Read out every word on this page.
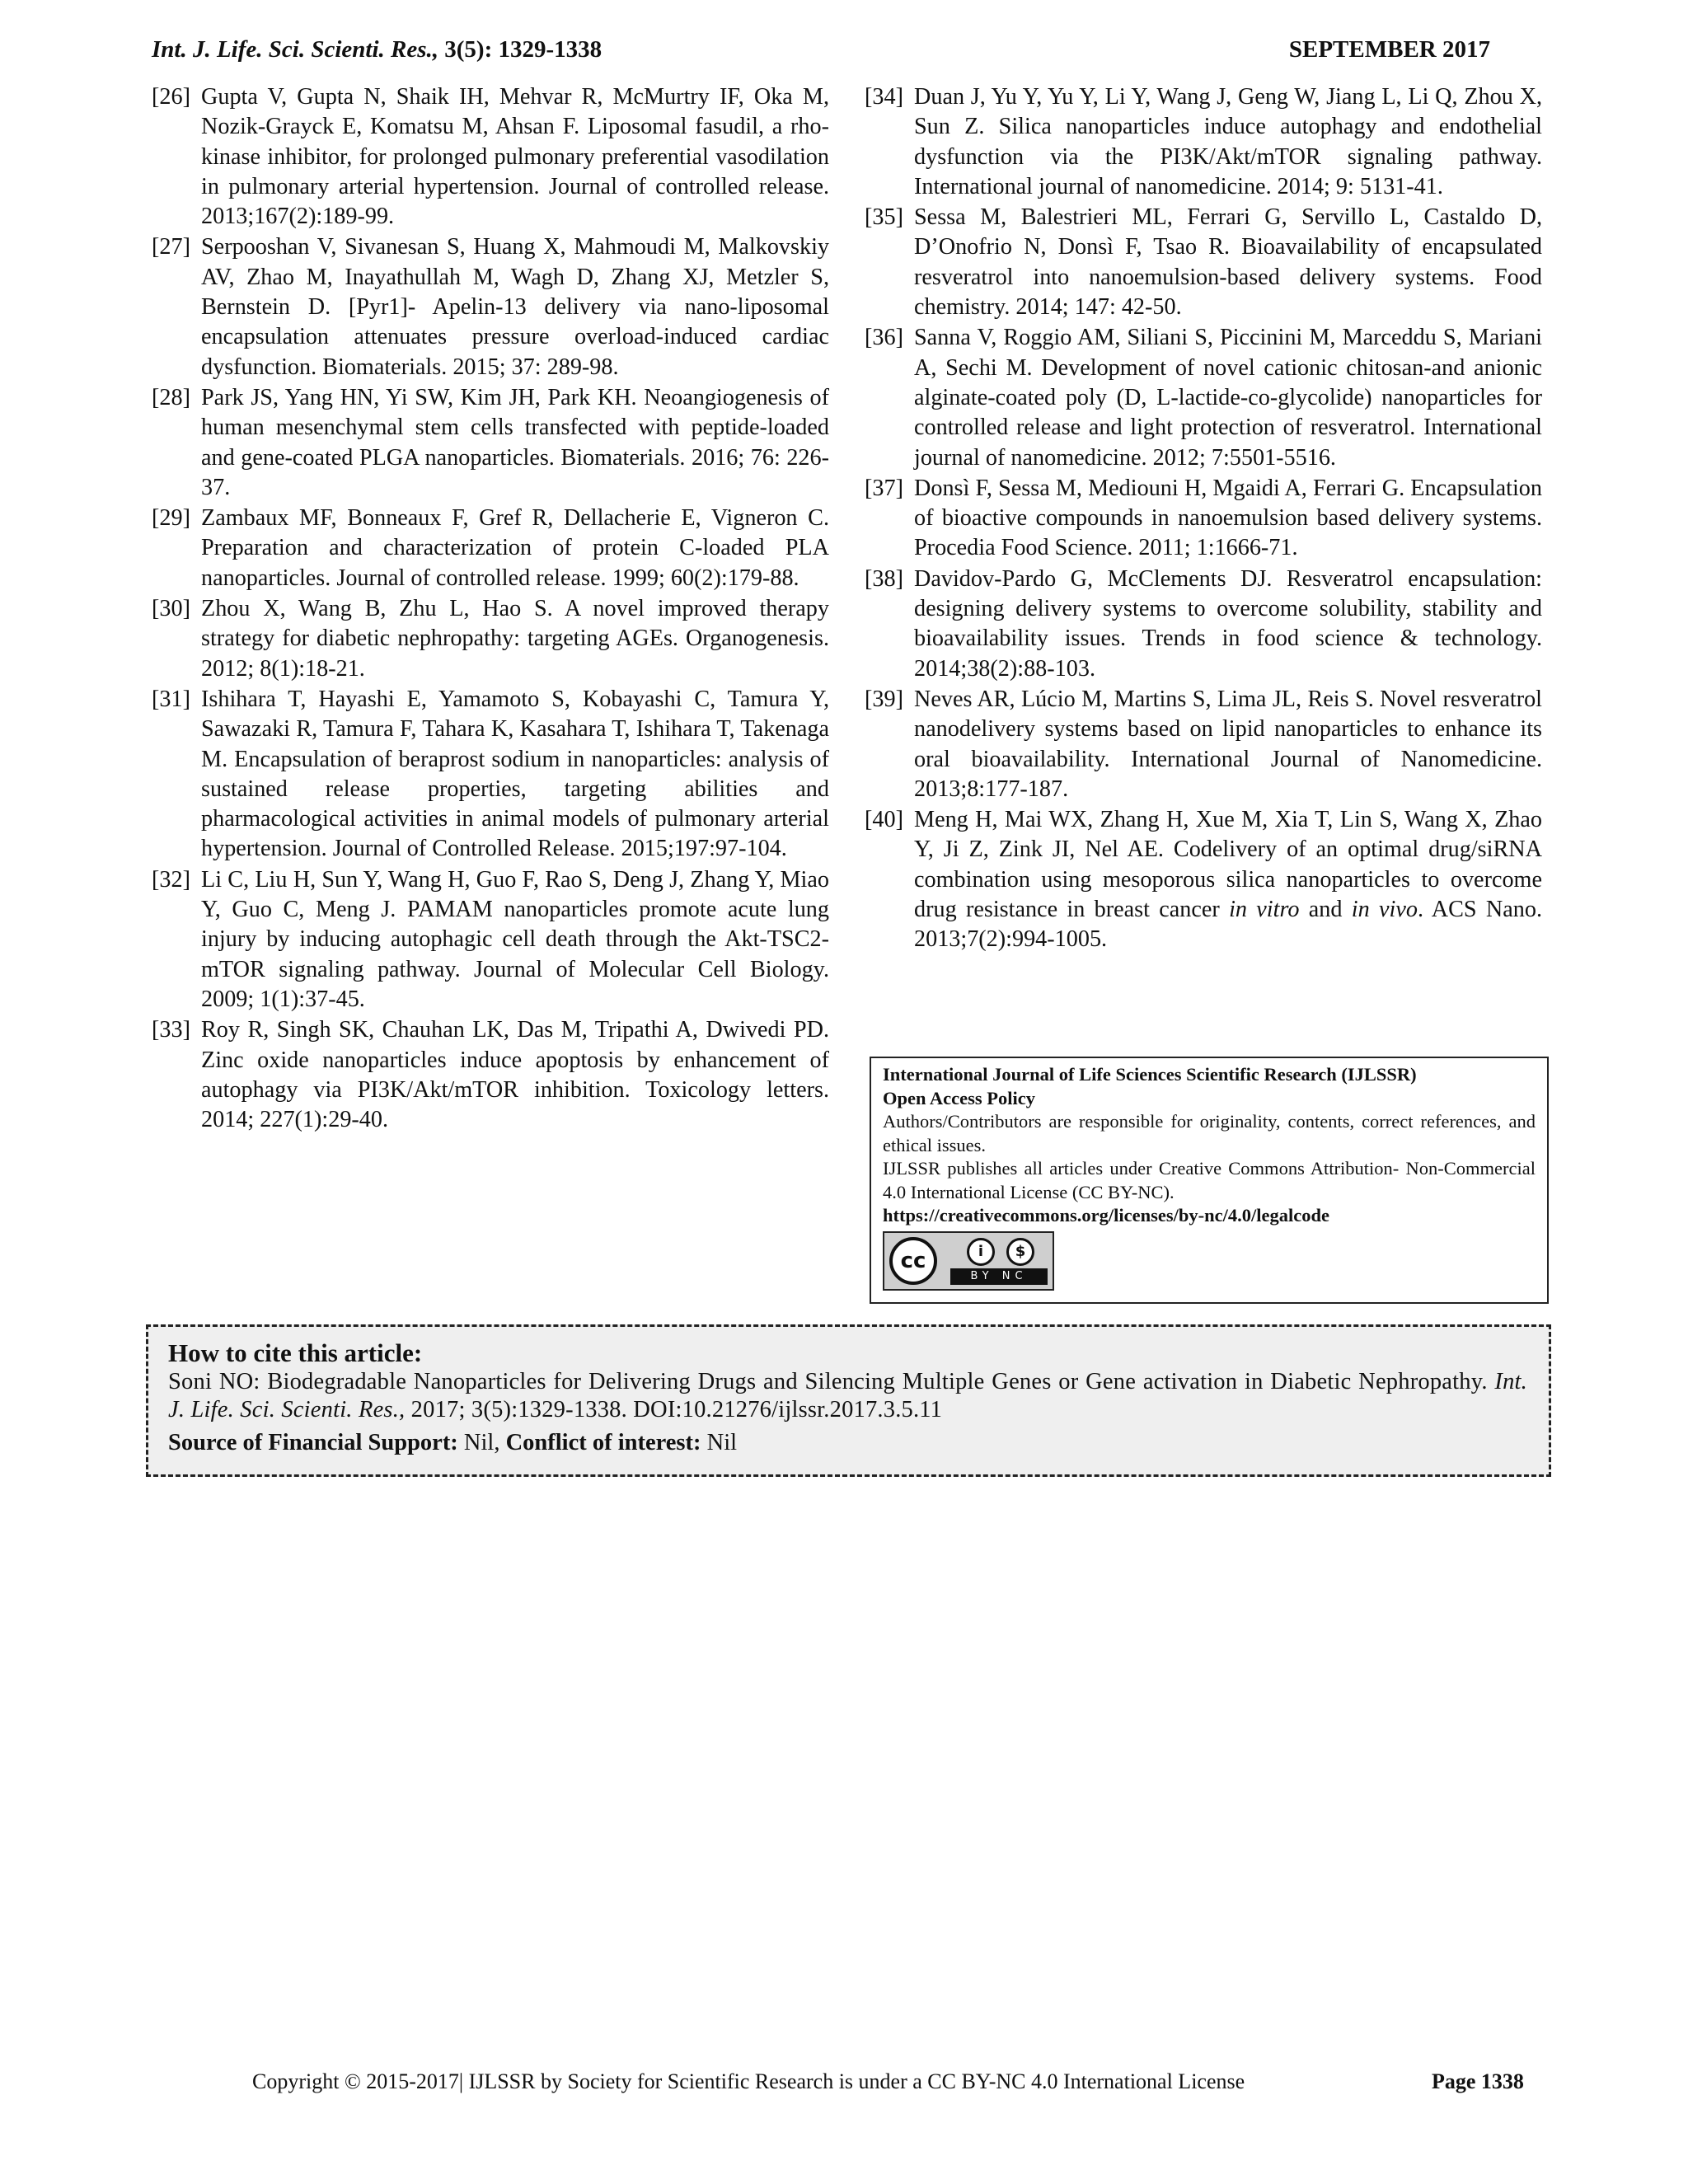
Int. J. Life. Sci. Scienti. Res., 3(5): 1329-1338	SEPTEMBER 2017
[26] Gupta V, Gupta N, Shaik IH, Mehvar R, McMurtry IF, Oka M, Nozik-Grayck E, Komatsu M, Ahsan F. Liposomal fasudil, a rho-kinase inhibitor, for prolonged pulmonary preferential vasodilation in pulmonary arterial hypertension. Journal of controlled release. 2013;167(2):189-99.
[27] Serpooshan V, Sivanesan S, Huang X, Mahmoudi M, Malkovskiy AV, Zhao M, Inayathullah M, Wagh D, Zhang XJ, Metzler S, Bernstein D. [Pyr1]- Apelin-13 delivery via nano-liposomal encapsulation attenuates pressure overload-induced cardiac dysfunction. Biomaterials. 2015; 37: 289-98.
[28] Park JS, Yang HN, Yi SW, Kim JH, Park KH. Neoangiogenesis of human mesenchymal stem cells transfected with peptide-loaded and gene-coated PLGA nanoparticles. Biomaterials. 2016; 76: 226-37.
[29] Zambaux MF, Bonneaux F, Gref R, Dellacherie E, Vigneron C. Preparation and characterization of protein C-loaded PLA nanoparticles. Journal of controlled release. 1999; 60(2):179-88.
[30] Zhou X, Wang B, Zhu L, Hao S. A novel improved therapy strategy for diabetic nephropathy: targeting AGEs. Organogenesis. 2012; 8(1):18-21.
[31] Ishihara T, Hayashi E, Yamamoto S, Kobayashi C, Tamura Y, Sawazaki R, Tamura F, Tahara K, Kasahara T, Ishihara T, Takenaga M. Encapsulation of beraprost sodium in nanoparticles: analysis of sustained release properties, targeting abilities and pharmacological activities in animal models of pulmonary arterial hypertension. Journal of Controlled Release. 2015;197:97-104.
[32] Li C, Liu H, Sun Y, Wang H, Guo F, Rao S, Deng J, Zhang Y, Miao Y, Guo C, Meng J. PAMAM nanoparticles promote acute lung injury by inducing autophagic cell death through the Akt-TSC2-mTOR signaling pathway. Journal of Molecular Cell Biology. 2009; 1(1):37-45.
[33] Roy R, Singh SK, Chauhan LK, Das M, Tripathi A, Dwivedi PD. Zinc oxide nanoparticles induce apoptosis by enhancement of autophagy via PI3K/Akt/mTOR inhibition. Toxicology letters. 2014; 227(1):29-40.
[34] Duan J, Yu Y, Yu Y, Li Y, Wang J, Geng W, Jiang L, Li Q, Zhou X, Sun Z. Silica nanoparticles induce autophagy and endothelial dysfunction via the PI3K/Akt/mTOR signaling pathway. International journal of nanomedicine. 2014; 9: 5131-41.
[35] Sessa M, Balestrieri ML, Ferrari G, Servillo L, Castaldo D, D’Onofrio N, Donsì F, Tsao R. Bioavailability of encapsulated resveratrol into nanoemulsion-based delivery systems. Food chemistry. 2014; 147: 42-50.
[36] Sanna V, Roggio AM, Siliani S, Piccinini M, Marceddu S, Mariani A, Sechi M. Development of novel cationic chitosan-and anionic alginate-coated poly (D, L-lactide-co-glycolide) nanoparticles for controlled release and light protection of resveratrol. International journal of nanomedicine. 2012; 7:5501-5516.
[37] Donsì F, Sessa M, Mediouni H, Mgaidi A, Ferrari G. Encapsulation of bioactive compounds in nanoemulsion based delivery systems. Procedia Food Science. 2011; 1:1666-71.
[38] Davidov-Pardo G, McClements DJ. Resveratrol encapsulation: designing delivery systems to overcome solubility, stability and bioavailability issues. Trends in food science & technology. 2014;38(2):88-103.
[39] Neves AR, Lúcio M, Martins S, Lima JL, Reis S. Novel resveratrol nanodelivery systems based on lipid nanoparticles to enhance its oral bioavailability. International Journal of Nanomedicine. 2013;8:177-187.
[40] Meng H, Mai WX, Zhang H, Xue M, Xia T, Lin S, Wang X, Zhao Y, Ji Z, Zink JI, Nel AE. Codelivery of an optimal drug/siRNA combination using mesoporous silica nanoparticles to overcome drug resistance in breast cancer in vitro and in vivo. ACS Nano. 2013;7(2):994-1005.
International Journal of Life Sciences Scientific Research (IJLSSR)
Open Access Policy
Authors/Contributors are responsible for originality, contents, correct references, and ethical issues.
IJLSSR publishes all articles under Creative Commons Attribution- Non-Commercial 4.0 International License (CC BY-NC).
https://creativecommons.org/licenses/by-nc/4.0/legalcode
cc	i	$
BY NC
How to cite this article:
Soni NO: Biodegradable Nanoparticles for Delivering Drugs and Silencing Multiple Genes or Gene activation in Diabetic Nephropathy. Int. J. Life. Sci. Scienti. Res., 2017; 3(5):1329-1338. DOI:10.21276/ijlssr.2017.3.5.11
Source of Financial Support: Nil, Conflict of interest: Nil
Copyright © 2015-2017| IJLSSR by Society for Scientific Research is under a CC BY-NC 4.0 International License	Page 1338
